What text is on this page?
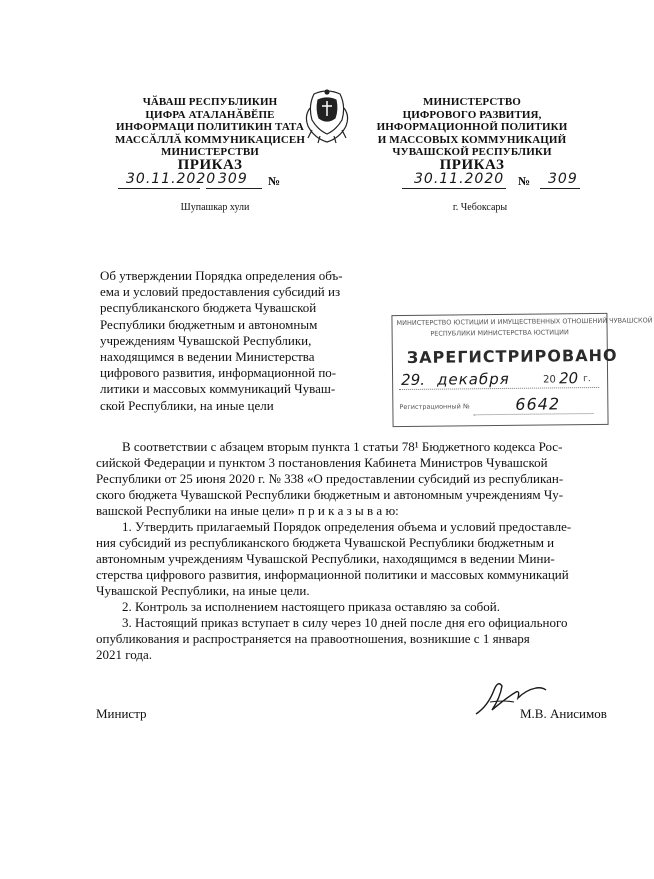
ЧӐВАШ РЕСПУБЛИКИН
ЦИФРА АТАЛАНӐВӖПЕ
ИНФОРМАЦИ ПОЛИТИКИН ТАТА
МАССӐЛЛӐ КОММУНИКАЦИСЕН
МИНИСТЕРСТВИ
МИНИСТЕРСТВО
ЦИФРОВОГО РАЗВИТИЯ,
ИНФОРМАЦИОННОЙ ПОЛИТИКИ
И МАССОВЫХ КОММУНИКАЦИЙ
ЧУВАШСКОЙ РЕСПУБЛИКИ
ПРИКАЗ	ПРИКАЗ
30.11.2020 309 №	30.11.2020 № 309
Шупашкар хули	г. Чебоксары
Об утверждении Порядка определения объ-
ема и условий предоставления субсидий из
республиканского бюджета Чувашской
Республики бюджетным и автономным
учреждениям Чувашской Республики,
находящимся в ведении Министерства
цифрового развития, информационной по-
литики и массовых коммуникаций Чуваш-
ской Республики, на иные цели
МИНИСТЕРСТВО ЮСТИЦИИ И ИМУЩЕСТВЕННЫХ ОТНОШЕНИЙ ЧУВАШСКОЙ
РЕСПУБЛИКИ МИНИСТЕРСТВА ЮСТИЦИИ
ЗАРЕГИСТРИРОВАНО
29. декабря	20 20 г.
Регистрационный №	6642
В соответствии с абзацем вторым пункта 1 статьи 78¹ Бюджетного кодекса Рос-
сийской Федерации и пунктом 3 постановления Кабинета Министров Чувашской
Республики от 25 июня 2020 г. № 338 «О предоставлении субсидий из республикан-
ского бюджета Чувашской Республики бюджетным и автономным учреждениям Чу-
вашской Республики на иные цели» п р и к а з ы в а ю:
1. Утвердить прилагаемый Порядок определения объема и условий предоставле-
ния субсидий из республиканского бюджета Чувашской Республики бюджетным и
автономным учреждениям Чувашской Республики, находящимся в ведении Мини-
стерства цифрового развития, информационной политики и массовых коммуникаций
Чувашской Республики, на иные цели.
2. Контроль за исполнением настоящего приказа оставляю за собой.
3. Настоящий приказ вступает в силу через 10 дней после дня его официального
опубликования и распространяется на правоотношения, возникшие с 1 января
2021 года.
Министр	М.В. Анисимов
